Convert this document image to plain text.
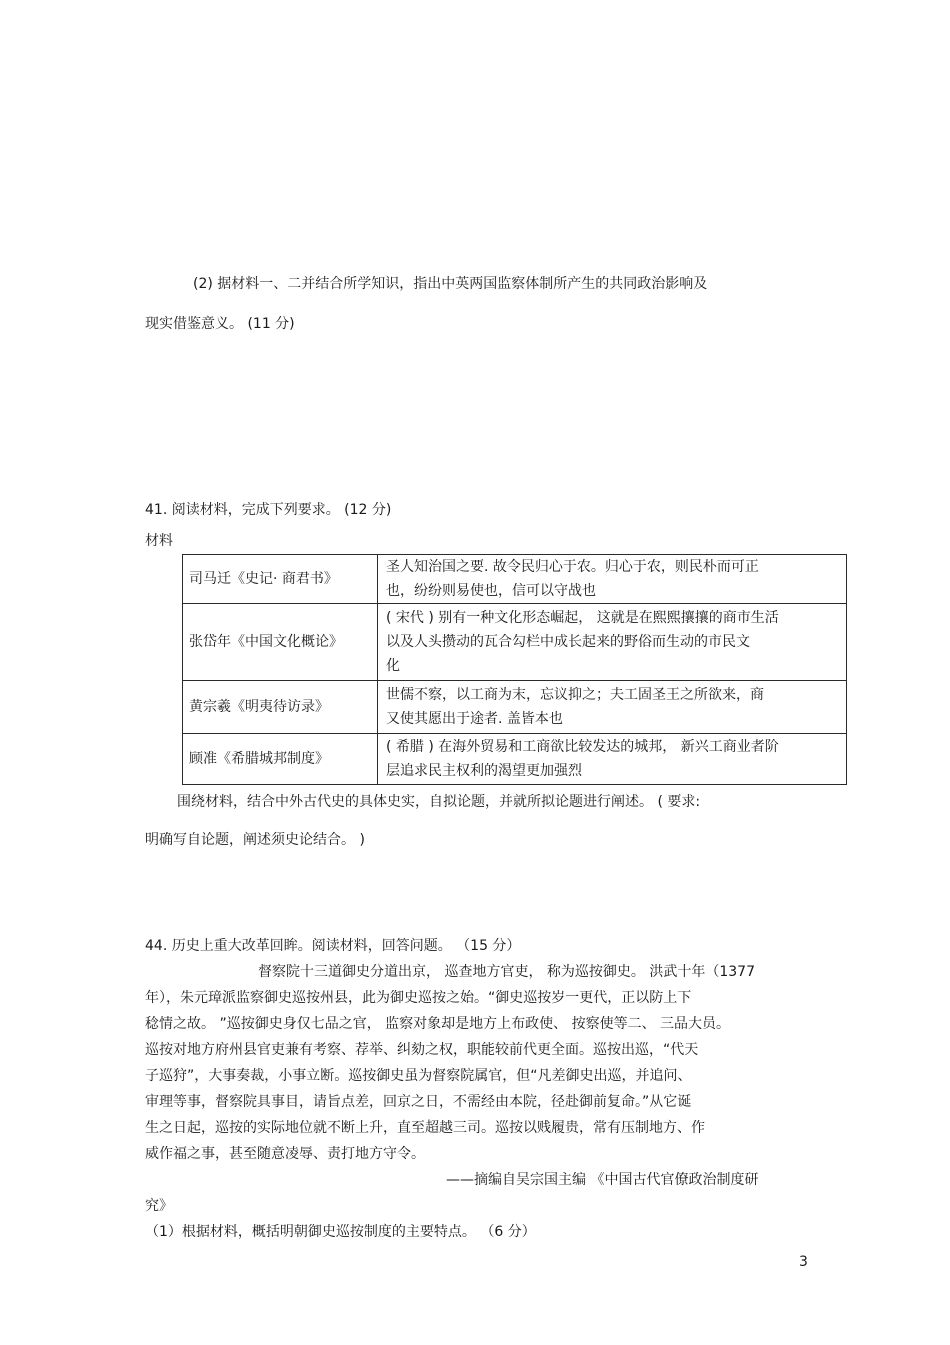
(2) 据材料一、二并结合所学知识，指出中英两国监察体制所产生的共同政治影响及
现实借鉴意义。 (11 分)
41. 阅读材料，完成下列要求。 (12 分)
材料
司马迁《史记· 商君书》	圣人知治国之要. 故令民归心于农。归心于农，则民朴而可正
也，纷纷则易使也，信可以守战也

张岱年《中国文化概论》	( 宋代 ) 别有一种文化形态崛起， 这就是在熙熙攘攘的商市生活
以及人头攒动的瓦合勾栏中成长起来的野俗而生动的市民文
化

黄宗羲《明夷待访录》	世儒不察，以工商为末，忘议抑之；夫工固圣王之所欲来，商
又使其愿出于途者. 盖皆本也

顾准《希腊城邦制度》	( 希腊 ) 在海外贸易和工商欲比较发达的城邦， 新兴工商业者阶
层追求民主权利的渴望更加强烈
围绕材料，结合中外古代史的具体史实，自拟论题，并就所拟论题进行阐述。 ( 要求:
明确写自论题，阐述须史论结合。 )
44. 历史上重大改革回眸。阅读材料，回答问题。 （15 分）
督察院十三道御史分道出京， 巡查地方官吏， 称为巡按御史。 洪武十年（1377
年），朱元璋派监察御史巡按州县，此为御史巡按之始。“御史巡按岁一更代，正以防上下
稔情之故。 ”巡按御史身仅七品之官， 监察对象却是地方上布政使、 按察使等二、 三品大员。
巡按对地方府州县官吏兼有考察、荐举、纠劾之权，职能较前代更全面。巡按出巡，“代天
子巡狩”，大事奏裁，小事立断。巡按御史虽为督察院属官，但“凡差御史出巡，并追问、
审理等事，督察院具事目，请旨点差，回京之日，不需经由本院，径赴御前复命。”从它诞
生之日起，巡按的实际地位就不断上升，直至超越三司。巡按以贱履贵，常有压制地方、作
威作福之事，甚至随意凌辱、责打地方守令。
——摘编自吴宗国主编 《中国古代官僚政治制度研
究》
（1）根据材料，概括明朝御史巡按制度的主要特点。 （6 分）
3
